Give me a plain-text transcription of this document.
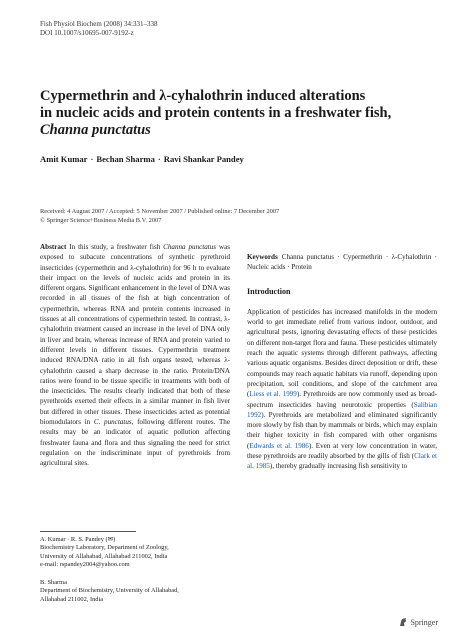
Fish Physiol Biochem (2008) 34:331–338
DOI 10.1007/s10695-007-9192-z
Cypermethrin and λ-cyhalothrin induced alterations
in nucleic acids and protein contents in a freshwater fish,
Channa punctatus
Amit Kumar · Bechan Sharma · Ravi Shankar Pandey
Received: 4 August 2007 / Accepted: 5 November 2007 / Published online: 7 December 2007
© Springer Science+Business Media B.V. 2007

Abstract In this study, a freshwater fish Channa punctatus was exposed to subacute concentrations of synthetic pyrethroid insecticides (cypermethrin and λ-cyhalothrin) for 96 h to evaluate their impact on the levels of nucleic acids and protein in its different organs. Significant enhancement in the level of DNA was recorded in all tissues of the fish at high concentration of cypermethrin, whereas RNA and protein contents increased in tissues at all concentrations of cypermethrin tested. In contrast, λ-cyhalothrin treatment caused an increase in the level of DNA only in liver and brain, whereas increase of RNA and protein varied to different levels in different tissues. Cypermethrin treatment induced RNA/DNA ratio in all fish organs tested, whereas λ-cyhalothrin caused a sharp decrease in the ratio. Protein/DNA ratios were found to be tissue specific in treatments with both of the insecticides. The results clearly indicated that both of these pyrethroids exerted their effects in a similar manner in fish liver but differed in other tissues. These insecticides acted as potential biomodulators in C. punctatus, following different routes. The results may be an indicator of aquatic pollution affecting freshwater fauna and flora and thus signaling the need for strict regulation on the indiscriminate input of pyrethroids from agricultural sites.

Keywords Channa punctatus · Cypermethrin · λ-Cyhalothrin · Nucleic acids · Protein

Introduction

Application of pesticides has increased manifolds in the modern world to get immediate relief from various indoor, outdoor, and agricultural pests, ignoring devastating effects of these pesticides on different non-target flora and fauna. These pesticides ultimately reach the aquatic systems through different pathways, affecting various aquatic organisms. Besides direct deposition or drift, these compounds may reach aquatic habitats via runoff, depending upon precipitation, soil conditions, and slope of the catchment area (Liess et al. 1999). Pyrethroids are now commonly used as broad-spectrum insecticides having neurotoxic properties (Salibian 1992). Pyrethroids are metabolized and eliminated significantly more slowly by fish than by mammals or birds, which may explain their higher toxicity in fish compared with other organisms (Edwards et al. 1986). Even at very low concentration in water, these pyrethroids are readily absorbed by the gills of fish (Clark et al. 1985), thereby gradually increasing fish sensitivity to

A. Kumar · R. S. Pandey (✉)
Biochemistry Laboratory, Department of Zoology,
University of Allahabad, Allahabad 211002, India
e-mail: rspandey2004@yahoo.com
B. Sharma
Department of Biochemistry, University of Allahabad,
Allahabad 211002, India
Springer
